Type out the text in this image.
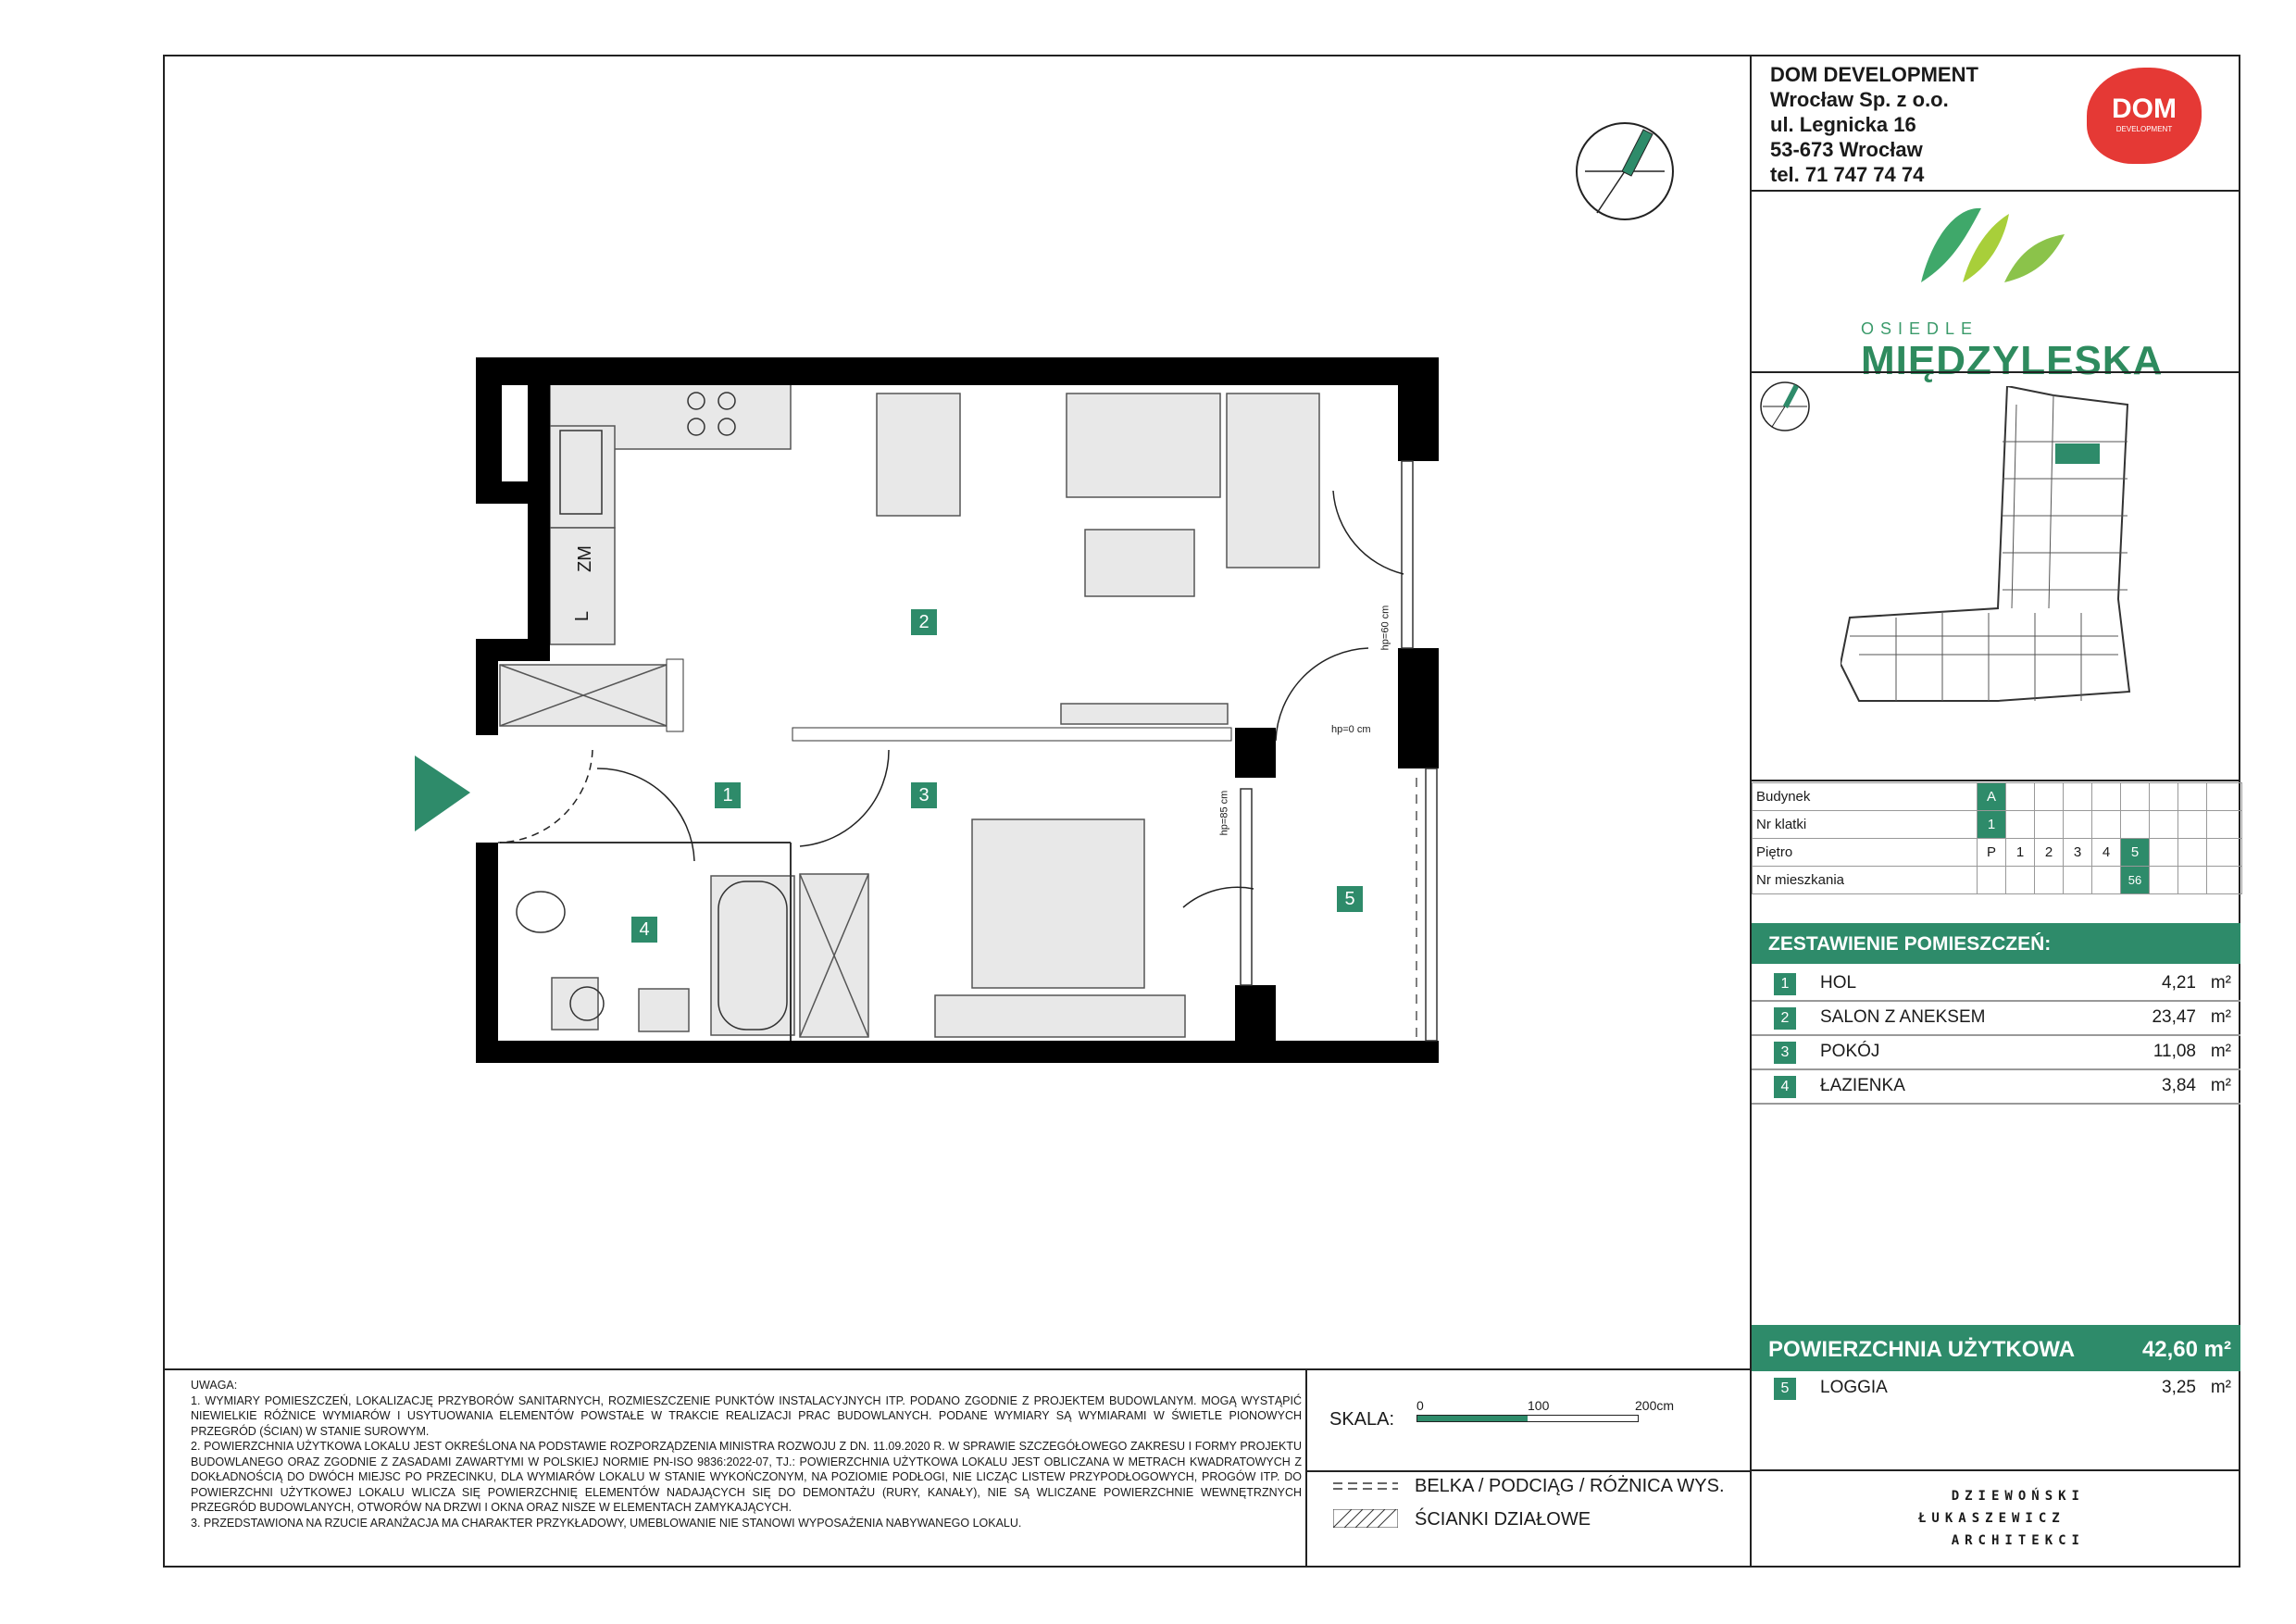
ZM
L	hp=60 cm
hp=0 cm
hp=85 cm
1
2
3
4
5
UWAGA:
1. WYMIARY POMIESZCZEŃ, LOKALIZACJĘ PRZYBORÓW SANITARNYCH, ROZMIESZCZENIE PUNKTÓW INSTALACYJNYCH ITP. PODANO ZGODNIE Z PROJEKTEM BUDOWLANYM. MOGĄ WYSTĄPIĆ NIEWIELKIE RÓŻNICE WYMIARÓW I USYTUOWANIA ELEMENTÓW POWSTAŁE W TRAKCIE REALIZACJI PRAC BUDOWLANYCH. PODANE WYMIARY SĄ WYMIARAMI W ŚWIETLE PIONOWYCH PRZEGRÓD (ŚCIAN) W STANIE SUROWYM.
2. POWIERZCHNIA UŻYTKOWA LOKALU JEST OKREŚLONA NA PODSTAWIE ROZPORZĄDZENIA MINISTRA ROZWOJU Z DN. 11.09.2020 R. W SPRAWIE SZCZEGÓŁOWEGO ZAKRESU I FORMY PROJEKTU BUDOWLANEGO ORAZ ZGODNIE Z ZASADAMI ZAWARTYMI W POLSKIEJ NORMIE PN-ISO 9836:2022-07, TJ.: POWIERZCHNIA UŻYTKOWA LOKALU JEST OBLICZANA W METRACH KWADRATOWYCH Z DOKŁADNOŚCIĄ DO DWÓCH MIEJSC PO PRZECINKU, DLA WYMIARÓW LOKALU W STANIE WYKOŃCZONYM, NA POZIOMIE PODŁOGI, NIE LICZĄC LISTEW PRZYPODŁOGOWYCH, PROGÓW ITP. DO POWIERZCHNI UŻYTKOWEJ LOKALU WLICZA SIĘ POWIERZCHNIĘ ELEMENTÓW NADAJĄCYCH SIĘ DO DEMONTAŻU (RURY, KANAŁY), NIE SĄ WLICZANE POWIERZCHNIE WEWNĘTRZNYCH PRZEGRÓD BUDOWLANYCH, OTWORÓW NA DRZWI I OKNA ORAZ NISZE W ELEMENTACH ZAMYKAJĄCYCH.
3. PRZEDSTAWIONA NA RZUCIE ARANŻACJA MA CHARAKTER PRZYKŁADOWY, UMEBLOWANIE NIE STANOWI WYPOSAŻENIA NABYWANEGO LOKALU.
SKALA:
0	100	200cm
BELKA / PODCIĄG / RÓŻNICA WYS.
ŚCIANKI DZIAŁOWE
DOM DEVELOPMENT
Wrocław Sp. z o.o.
ul. Legnicka 16
53-673 Wrocław
tel. 71 747 74 74
DOM
DEVELOPMENT
OSIEDLE
MIĘDZYLESKA
Budynek	A								
Nr klatki	1								
Piętro	P	1	2	3	4	5			
Nr mieszkania						56			
ZESTAWIENIE POMIESZCZEŃ:
1	HOL	4,21 m²
2	SALON Z ANEKSEM	23,47 m²
3	POKÓJ	11,08 m²
4	ŁAZIENKA	3,84 m²
POWIERZCHNIA UŻYTKOWA	42,60 m²
5	LOGGIA	3,25 m²
DZIEWOŃSKI
ŁUKASZEWICZ
ARCHITEKCI
